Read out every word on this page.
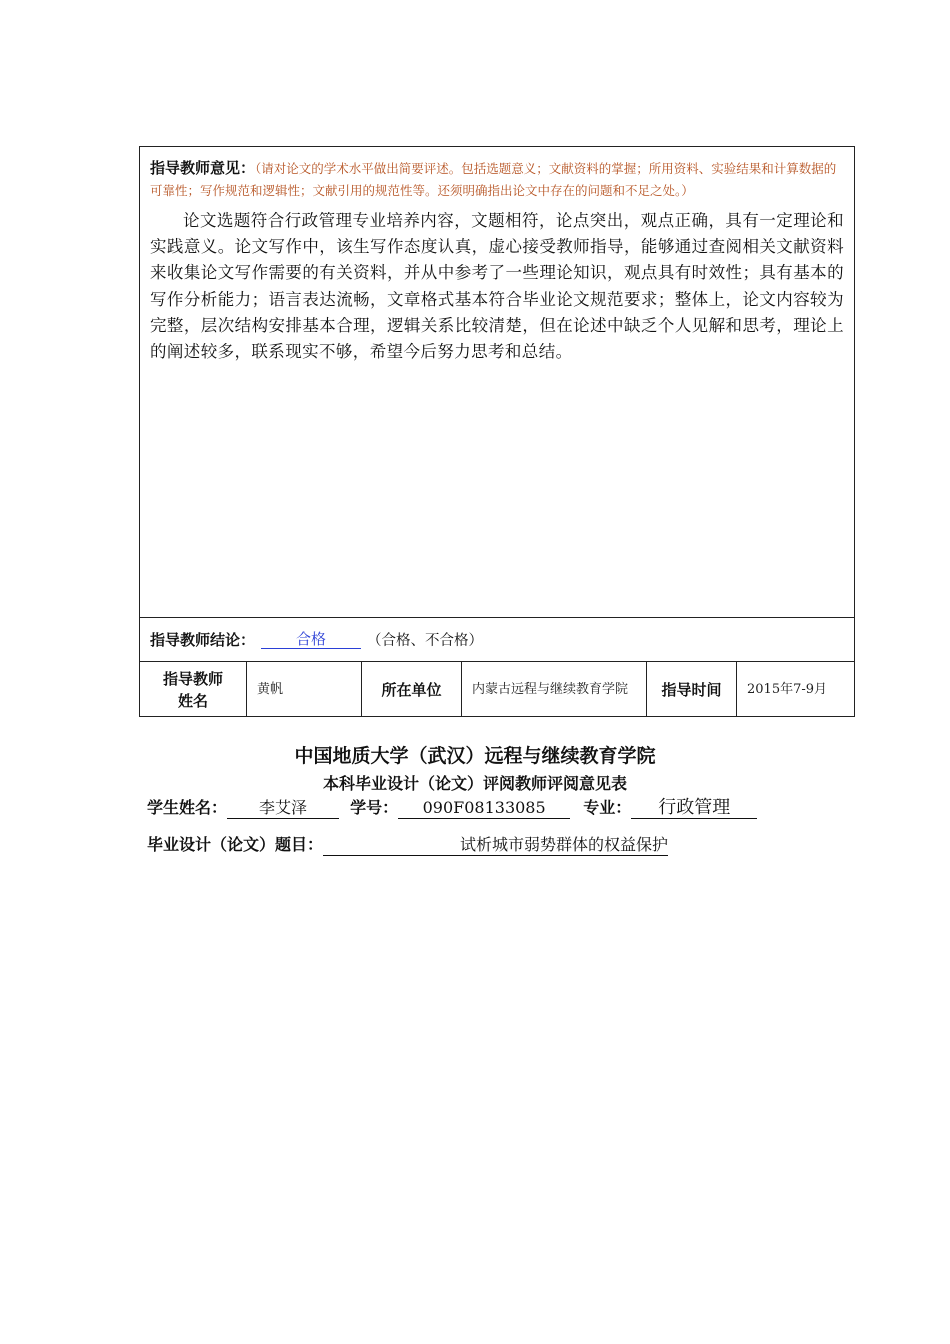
指导教师意见：（请对论文的学术水平做出简要评述。包括选题意义；文献资料的掌握；所用资料、实验结果和计算数据的可靠性；写作规范和逻辑性；文献引用的规范性等。还须明确指出论文中存在的问题和不足之处。）
论文选题符合行政管理专业培养内容，文题相符，论点突出，观点正确，具有一定理论和实践意义。论文写作中，该生写作态度认真，虚心接受教师指导，能够通过查阅相关文献资料来收集论文写作需要的有关资料，并从中参考了一些理论知识，观点具有时效性；具有基本的写作分析能力；语言表达流畅，文章格式基本符合毕业论文规范要求；整体上，论文内容较为完整，层次结构安排基本合理，逻辑关系比较清楚，但在论述中缺乏个人见解和思考，理论上的阐述较多，联系现实不够，希望今后努力思考和总结。
指导教师结论：	合格	（合格、不合格）
指导教师
姓名
黄帆	所在单位	内蒙古远程与继续教育学院	指导时间	2015年7-9月
中国地质大学（武汉）远程与继续教育学院
本科毕业设计（论文）评阅教师评阅意见表
学生姓名： 李艾泽	学号： 090F08133085 专业： 行政管理
毕业设计（论文）题目：	试析城市弱势群体的权益保护
